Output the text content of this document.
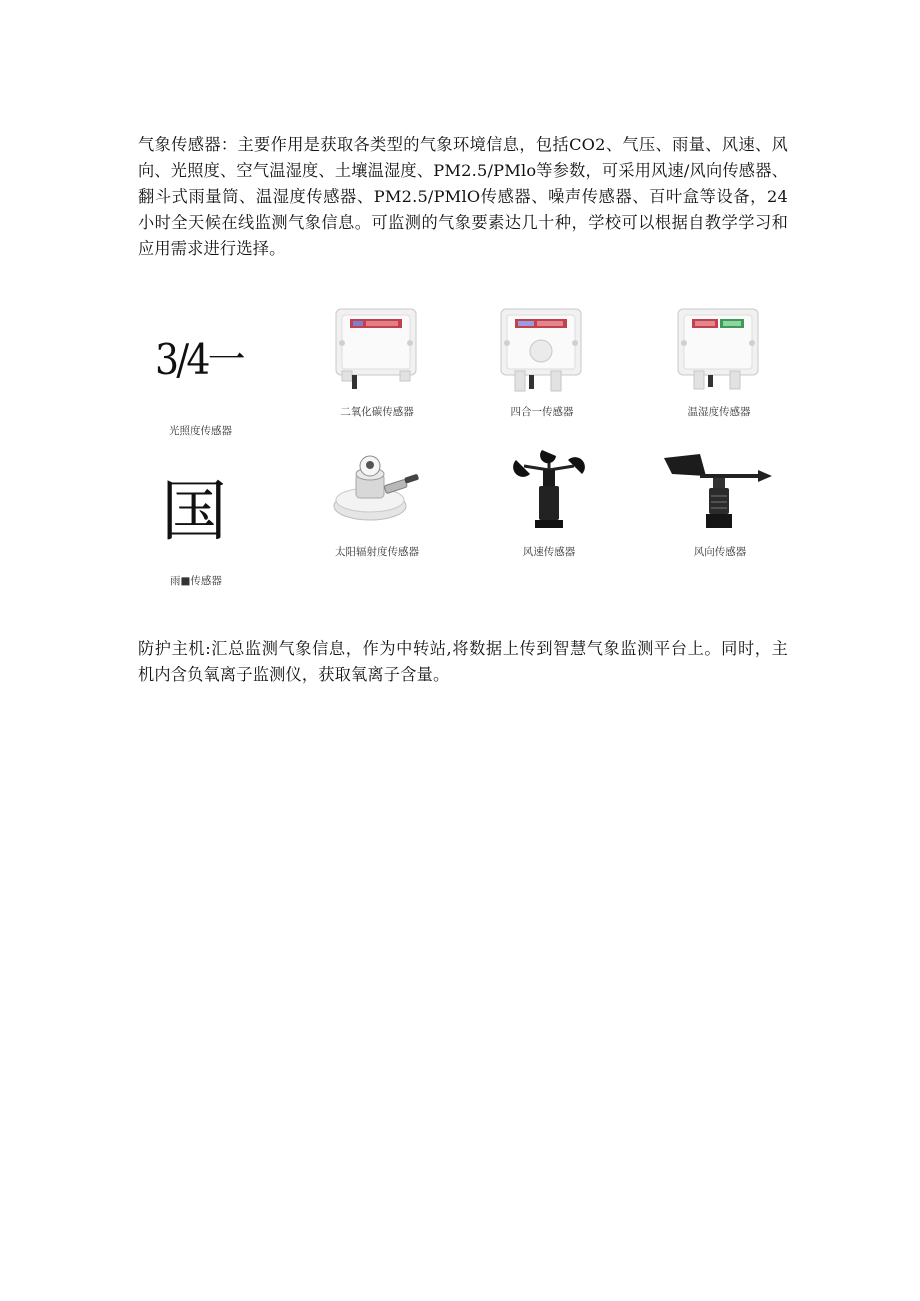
气象传感器：主要作用是获取各类型的气象环境信息，包括CO2、气压、雨量、风速、风向、光照度、空气温湿度、土壤温湿度、PM2.5/PMlo等参数，可采用风速/风向传感器、翻斗式雨量筒、温湿度传感器、PM2.5/PMlO传感器、噪声传感器、百叶盒等设备，24小时全天候在线监测气象信息。可监测的气象要素达几十种，学校可以根据自教学学习和应用需求进行选择。

3/4一
光照度传感器
二氧化碳传感器	四合一传感器	温湿度传感器
国
雨■传感器
太阳辐射度传感器	风速传感器	风向传感器

防护主机:汇总监测气象信息，作为中转站,将数据上传到智慧气象监测平台上。同时，主机内含负氧离子监测仪，获取氧离子含量。
